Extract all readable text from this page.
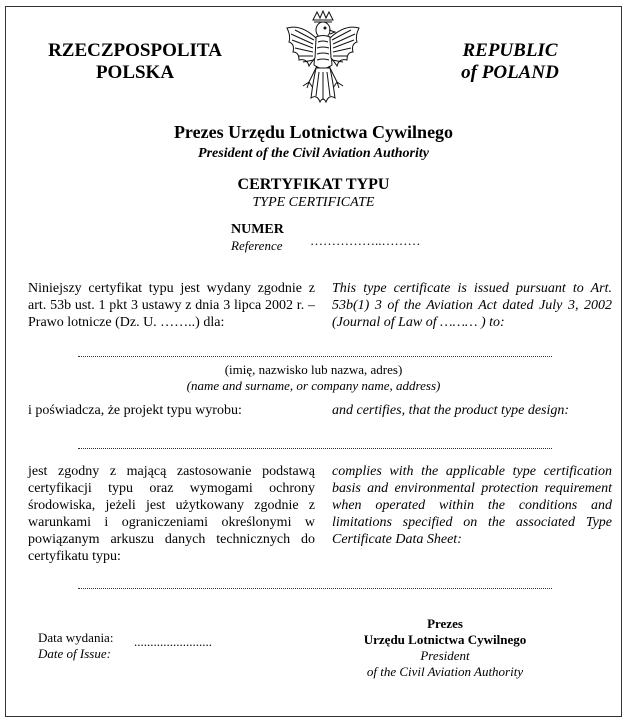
RZECZPOSPOLITA
POLSKA
REPUBLIC
of POLAND
Prezes Urzędu Lotnictwa Cywilnego
President of the Civil Aviation Authority
CERTYFIKAT TYPU
TYPE CERTIFICATE
NUMER
Reference ……………..………
Niniejszy certyfikat typu jest wydany zgodnie z art. 53b ust. 1 pkt 3 ustawy z dnia 3 lipca 2002 r. – Prawo lotnicze (Dz. U. ……..) dla:
This type certificate is issued pursuant to Art. 53b(1) 3 of the Aviation Act dated July 3, 2002 (Journal of Law of ……… ) to:
(imię, nazwisko lub nazwa, adres)
(name and surname, or company name, address)
i poświadcza, że projekt typu wyrobu:	and certifies, that the product type design:
jest zgodny z mającą zastosowanie podstawą certyfikacji typu oraz wymogami ochrony środowiska, jeżeli jest użytkowany zgodnie z warunkami i ograniczeniami określonymi w powiązanym arkuszu danych technicznych do certyfikatu typu:
complies with the applicable type certification basis and environmental protection requirement when operated within the conditions and limitations specified on the associated Type Certificate Data Sheet:
Data wydania:
Date of Issue:
........................
Prezes
Urzędu Lotnictwa Cywilnego
President
of the Civil Aviation Authority
